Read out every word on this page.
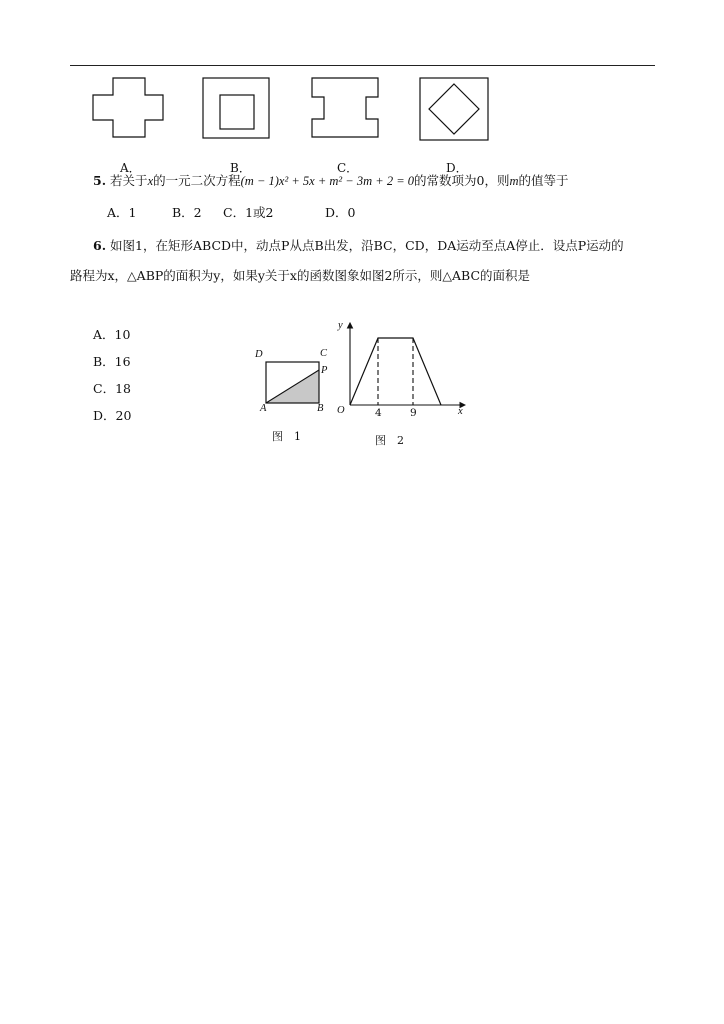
A．	B．	C．	D．
5. 若关于x的一元二次方程(m − 1)x² + 5x + m² − 3m + 2 = 0的常数项为0，则m的值等于
A．1	B．2 C．1或2	D．0
6. 如图1，在矩形ABCD中，动点P从点B出发，沿BC，CD，DA运动至点A停止．设点P运动的
路程为x，△ABP的面积为y，如果y关于x的函数图象如图2所示，则△ABC的面积是
A．10
B．16
C．18
D．20
D	C
P
A	B
图　1
y
x
O	4	9
图　2
